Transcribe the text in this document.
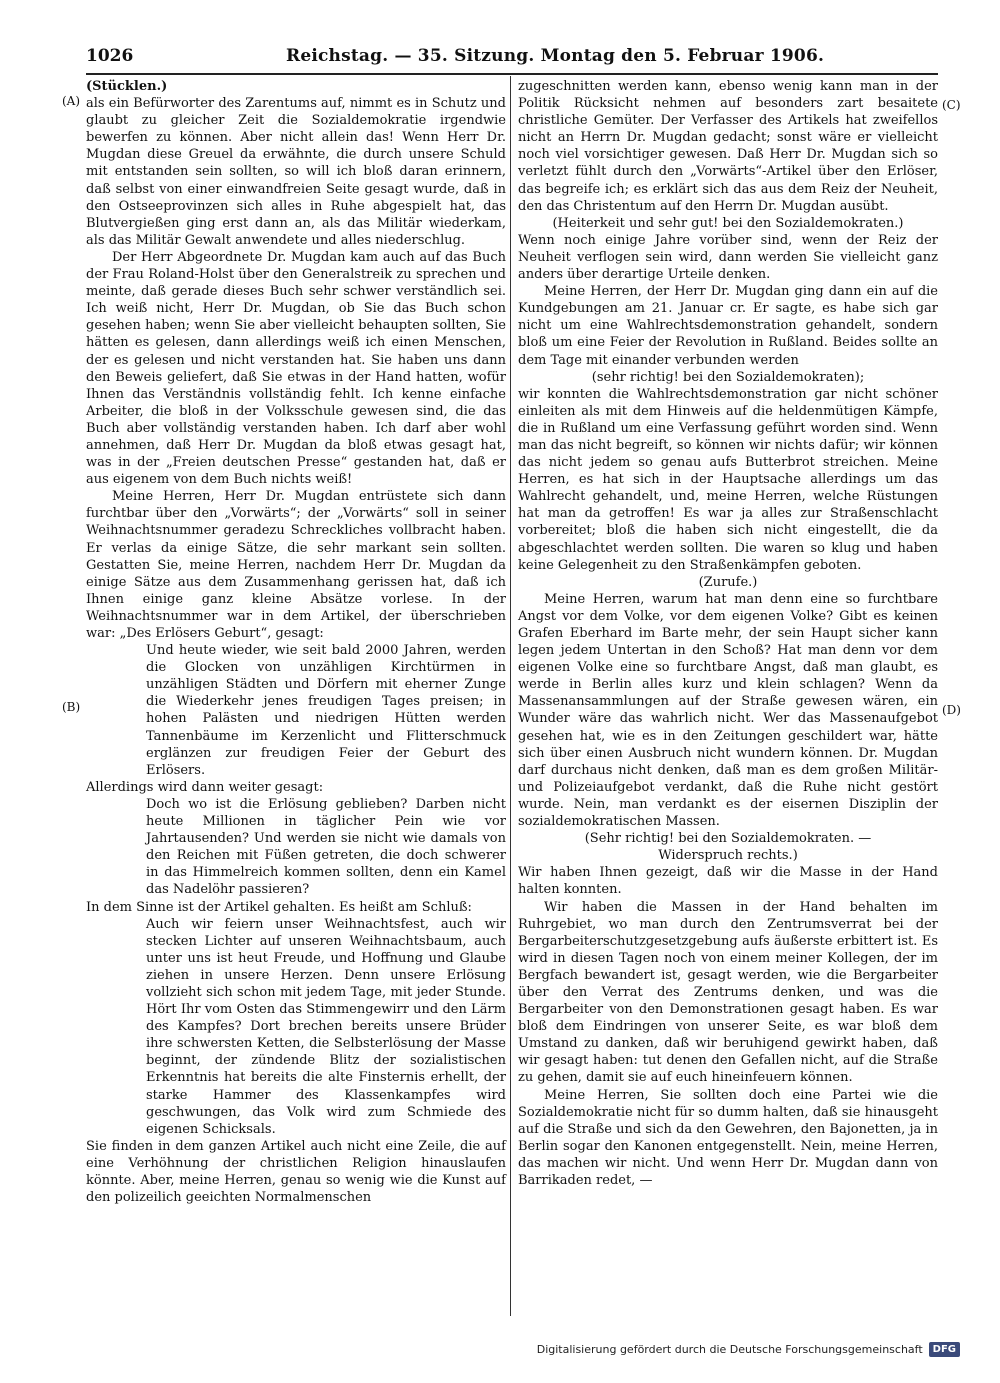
1026	Reichstag. — 35. Sitzung. Montag den 5. Februar 1906.
(A)
(B)
(C)
(D)

(Stücklen.)

als ein Befürworter des Zarentums auf, nimmt es in Schutz und glaubt zu gleicher Zeit die Sozialdemokratie irgendwie bewerfen zu können. Aber nicht allein das! Wenn Herr Dr. Mugdan diese Greuel da erwähnte, die durch unsere Schuld mit entstanden sein sollten, so will ich bloß daran erinnern, daß selbst von einer einwandfreien Seite gesagt wurde, daß in den Ostseeprovinzen sich alles in Ruhe abgespielt hat, das Blutvergießen ging erst dann an, als das Militär wiederkam, als das Militär Gewalt anwendete und alles niederschlug.

Der Herr Abgeordnete Dr. Mugdan kam auch auf das Buch der Frau Roland-Holst über den Generalstreik zu sprechen und meinte, daß gerade dieses Buch sehr schwer verständlich sei. Ich weiß nicht, Herr Dr. Mugdan, ob Sie das Buch schon gesehen haben; wenn Sie aber vielleicht behaupten sollten, Sie hätten es gelesen, dann allerdings weiß ich einen Menschen, der es gelesen und nicht verstanden hat. Sie haben uns dann den Beweis geliefert, daß Sie etwas in der Hand hatten, wofür Ihnen das Verständnis vollständig fehlt. Ich kenne einfache Arbeiter, die bloß in der Volksschule gewesen sind, die das Buch aber vollständig verstanden haben. Ich darf aber wohl annehmen, daß Herr Dr. Mugdan da bloß etwas gesagt hat, was in der „Freien deutschen Presse“ gestanden hat, daß er aus eigenem von dem Buch nichts weiß!

Meine Herren, Herr Dr. Mugdan entrüstete sich dann furchtbar über den „Vorwärts“; der „Vorwärts“ soll in seiner Weihnachtsnummer geradezu Schreckliches vollbracht haben. Er verlas da einige Sätze, die sehr markant sein sollten. Gestatten Sie, meine Herren, nachdem Herr Dr. Mugdan da einige Sätze aus dem Zusammenhang gerissen hat, daß ich Ihnen einige ganz kleine Absätze vorlese. In der Weihnachtsnummer war in dem Artikel, der überschrieben war: „Des Erlösers Geburt“, gesagt:

Und heute wieder, wie seit bald 2000 Jahren, werden die Glocken von unzähligen Kirchtürmen in unzähligen Städten und Dörfern mit eherner Zunge die Wiederkehr jenes freudigen Tages preisen; in hohen Palästen und niedrigen Hütten werden Tannenbäume im Kerzenlicht und Flitterschmuck erglänzen zur freudigen Feier der Geburt des Erlösers.

Allerdings wird dann weiter gesagt:

Doch wo ist die Erlösung geblieben? Darben nicht heute Millionen in täglicher Pein wie vor Jahrtausenden? Und werden sie nicht wie damals von den Reichen mit Füßen getreten, die doch schwerer in das Himmelreich kommen sollten, denn ein Kamel das Nadelöhr passieren?

In dem Sinne ist der Artikel gehalten. Es heißt am Schluß:

Auch wir feiern unser Weihnachtsfest, auch wir stecken Lichter auf unseren Weihnachtsbaum, auch unter uns ist heut Freude, und Hoffnung und Glaube ziehen in unsere Herzen. Denn unsere Erlösung vollzieht sich schon mit jedem Tage, mit jeder Stunde. Hört Ihr vom Osten das Stimmengewirr und den Lärm des Kampfes? Dort brechen bereits unsere Brüder ihre schwersten Ketten, die Selbsterlösung der Masse beginnt, der zündende Blitz der sozialistischen Erkenntnis hat bereits die alte Finsternis erhellt, der starke Hammer des Klassenkampfes wird geschwungen, das Volk wird zum Schmiede des eigenen Schicksals.

Sie finden in dem ganzen Artikel auch nicht eine Zeile, die auf eine Verhöhnung der christlichen Religion hinauslaufen könnte. Aber, meine Herren, genau so wenig wie die Kunst auf den polizeilich geeichten Normalmenschen

zugeschnitten werden kann, ebenso wenig kann man in der Politik Rücksicht nehmen auf besonders zart besaitete christliche Gemüter. Der Verfasser des Artikels hat zweifellos nicht an Herrn Dr. Mugdan gedacht; sonst wäre er vielleicht noch viel vorsichtiger gewesen. Daß Herr Dr. Mugdan sich so verletzt fühlt durch den „Vorwärts“-Artikel über den Erlöser, das begreife ich; es erklärt sich das aus dem Reiz der Neuheit, den das Christentum auf den Herrn Dr. Mugdan ausübt.

(Heiterkeit und sehr gut! bei den Sozialdemokraten.)

Wenn noch einige Jahre vorüber sind, wenn der Reiz der Neuheit verflogen sein wird, dann werden Sie vielleicht ganz anders über derartige Urteile denken.

Meine Herren, der Herr Dr. Mugdan ging dann ein auf die Kundgebungen am 21. Januar cr. Er sagte, es habe sich gar nicht um eine Wahlrechtsdemonstration gehandelt, sondern bloß um eine Feier der Revolution in Rußland. Beides sollte an dem Tage mit einander verbunden werden

(sehr richtig! bei den Sozialdemokraten);

wir konnten die Wahlrechtsdemonstration gar nicht schöner einleiten als mit dem Hinweis auf die heldenmütigen Kämpfe, die in Rußland um eine Verfassung geführt worden sind. Wenn man das nicht begreift, so können wir nichts dafür; wir können das nicht jedem so genau aufs Butterbrot streichen. Meine Herren, es hat sich in der Hauptsache allerdings um das Wahlrecht gehandelt, und, meine Herren, welche Rüstungen hat man da getroffen! Es war ja alles zur Straßenschlacht vorbereitet; bloß die haben sich nicht eingestellt, die da abgeschlachtet werden sollten. Die waren so klug und haben keine Gelegenheit zu den Straßenkämpfen geboten.

(Zurufe.)

Meine Herren, warum hat man denn eine so furchtbare Angst vor dem Volke, vor dem eigenen Volke? Gibt es keinen Grafen Eberhard im Barte mehr, der sein Haupt sicher kann legen jedem Untertan in den Schoß? Hat man denn vor dem eigenen Volke eine so furchtbare Angst, daß man glaubt, es werde in Berlin alles kurz und klein schlagen? Wenn da Massenansammlungen auf der Straße gewesen wären, ein Wunder wäre das wahrlich nicht. Wer das Massenaufgebot gesehen hat, wie es in den Zeitungen geschildert war, hätte sich über einen Ausbruch nicht wundern können. Dr. Mugdan darf durchaus nicht denken, daß man es dem großen Militär- und Polizeiaufgebot verdankt, daß die Ruhe nicht gestört wurde. Nein, man verdankt es der eisernen Disziplin der sozialdemokratischen Massen.

(Sehr richtig! bei den Sozialdemokraten. —

Widerspruch rechts.)

Wir haben Ihnen gezeigt, daß wir die Masse in der Hand halten konnten.

Wir haben die Massen in der Hand behalten im Ruhrgebiet, wo man durch den Zentrumsverrat bei der Bergarbeiterschutzgesetzgebung aufs äußerste erbittert ist. Es wird in diesen Tagen noch von einem meiner Kollegen, der im Bergfach bewandert ist, gesagt werden, wie die Bergarbeiter über den Verrat des Zentrums denken, und was die Bergarbeiter von den Demonstrationen gesagt haben. Es war bloß dem Eindringen von unserer Seite, es war bloß dem Umstand zu danken, daß wir beruhigend gewirkt haben, daß wir gesagt haben: tut denen den Gefallen nicht, auf die Straße zu gehen, damit sie auf euch hineinfeuern können.

Meine Herren, Sie sollten doch eine Partei wie die Sozialdemokratie nicht für so dumm halten, daß sie hinausgeht auf die Straße und sich da den Gewehren, den Bajonetten, ja in Berlin sogar den Kanonen entgegenstellt. Nein, meine Herren, das machen wir nicht. Und wenn Herr Dr. Mugdan dann von Barrikaden redet, —

Digitalisierung gefördert durch die Deutsche Forschungsgemeinschaft	DFG
